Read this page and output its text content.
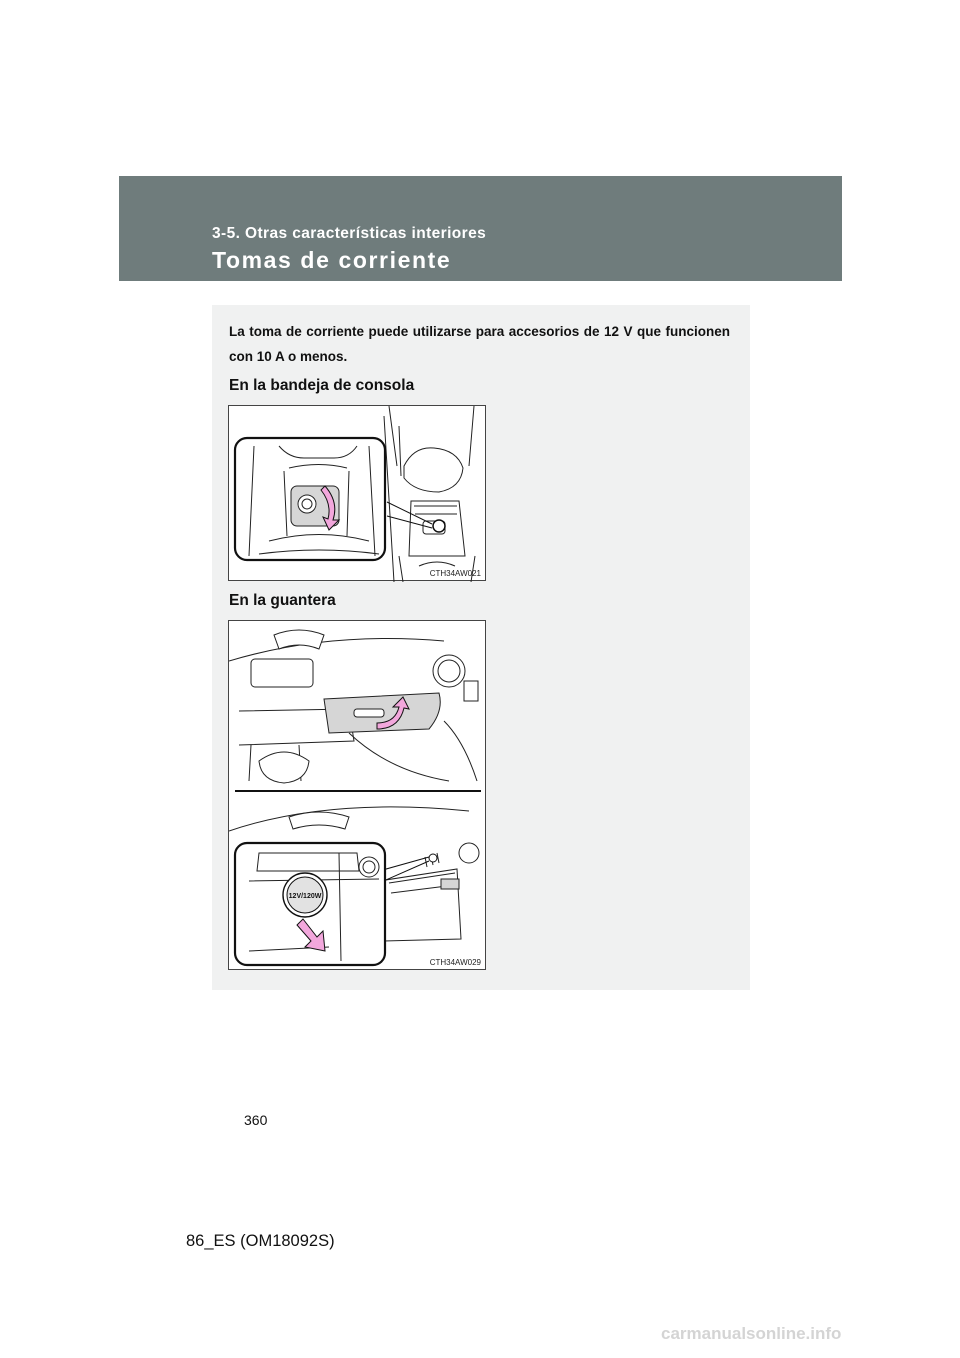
3-5. Otras características interiores
Tomas de corriente
La toma de corriente puede utilizarse para accesorios de 12 V que funcionen con 10 A o menos.
En la bandeja de consola
CTH34AW021
En la guantera
12V/120W
CTH34AW029
360
86_ES (OM18092S)
carmanualsonline.info
